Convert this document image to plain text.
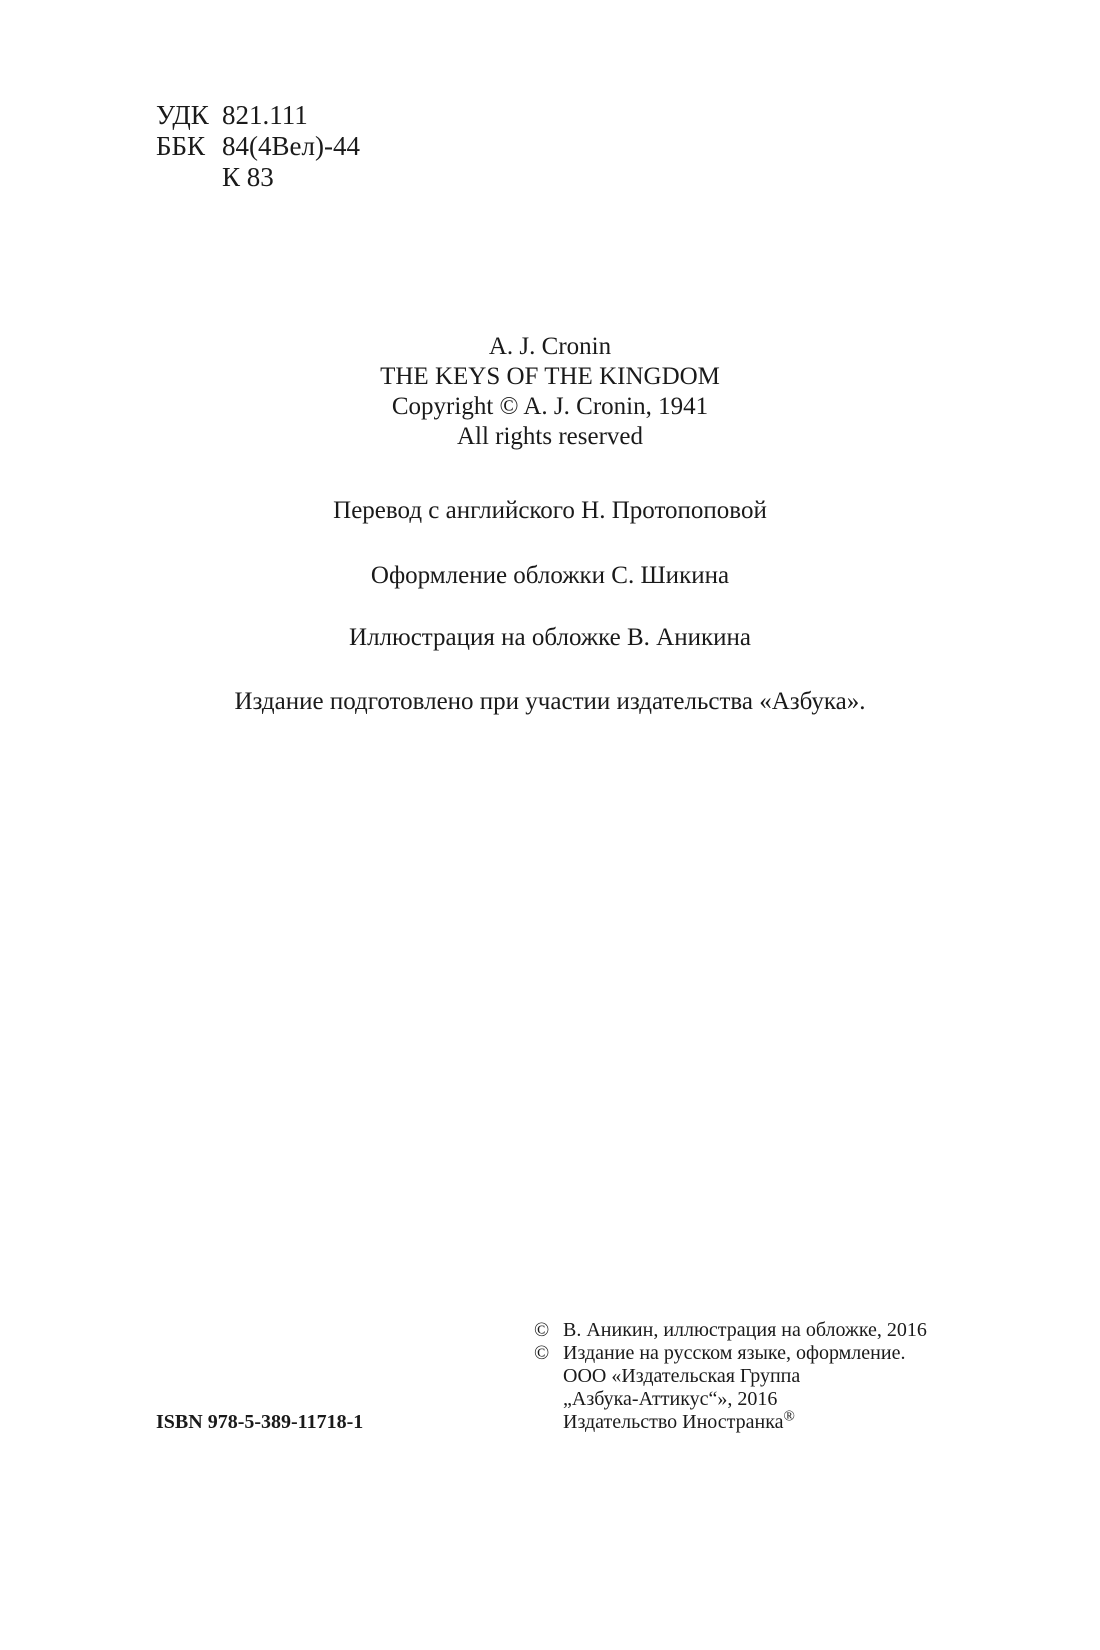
УДК 821.111
ББК 84(4Вел)-44
К 83
A. J. Cronin
THE KEYS OF THE KINGDOM
Copyright © A. J. Cronin, 1941
All rights reserved
Перевод с английского Н. Протопоповой
Оформление обложки С. Шикина
Иллюстрация на обложке В. Аникина
Издание подготовлено при участии издательства «Азбука».
© В. Аникин, иллюстрация на обложке, 2016
© Издание на русском языке, оформление.
ООО «Издательская Группа
„Азбука-Аттикус“», 2016
Издательство Иностранка®
ISBN 978-5-389-11718-1
